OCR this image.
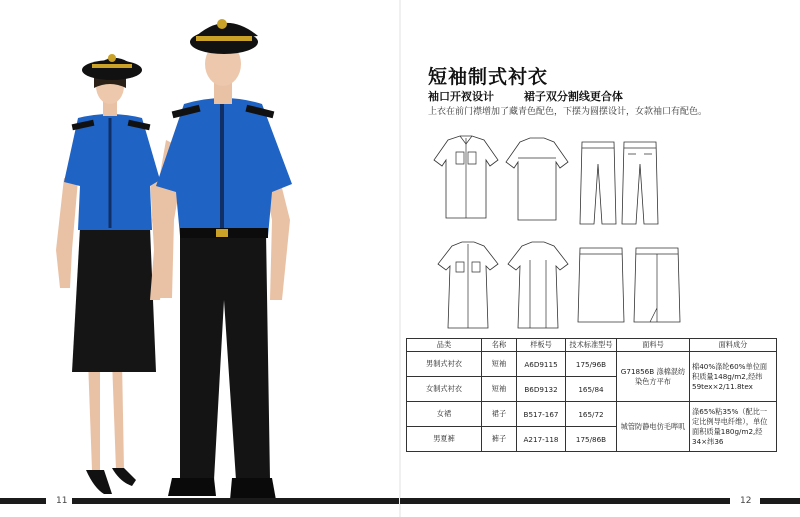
11	12
短袖制式衬衣
袖口开衩设计	裙子双分割线更合体
上衣在前门襟增加了藏青色配色，下摆为圆摆设计，女款袖口有配色。
品类	名称	样板号	技术标准型号	面料号	面料成分
男制式衬衣	短袖	A6D9115	175/96B	G71856B 涤棉混纺染色方平布	棉40%涤纶60%单位面积质量148g/m2,经纬59tex×2/11.8tex
女制式衬衣	短袖	B6D9132	165/84		
女裙	裙子	B517-167	165/72	城管防静电仿毛哔叽	涤65%粘35%（配比一定比例导电纤维），单位面积质量180g/m2,经34×纬36
男夏裤	裤子	A217-118	175/86B		
